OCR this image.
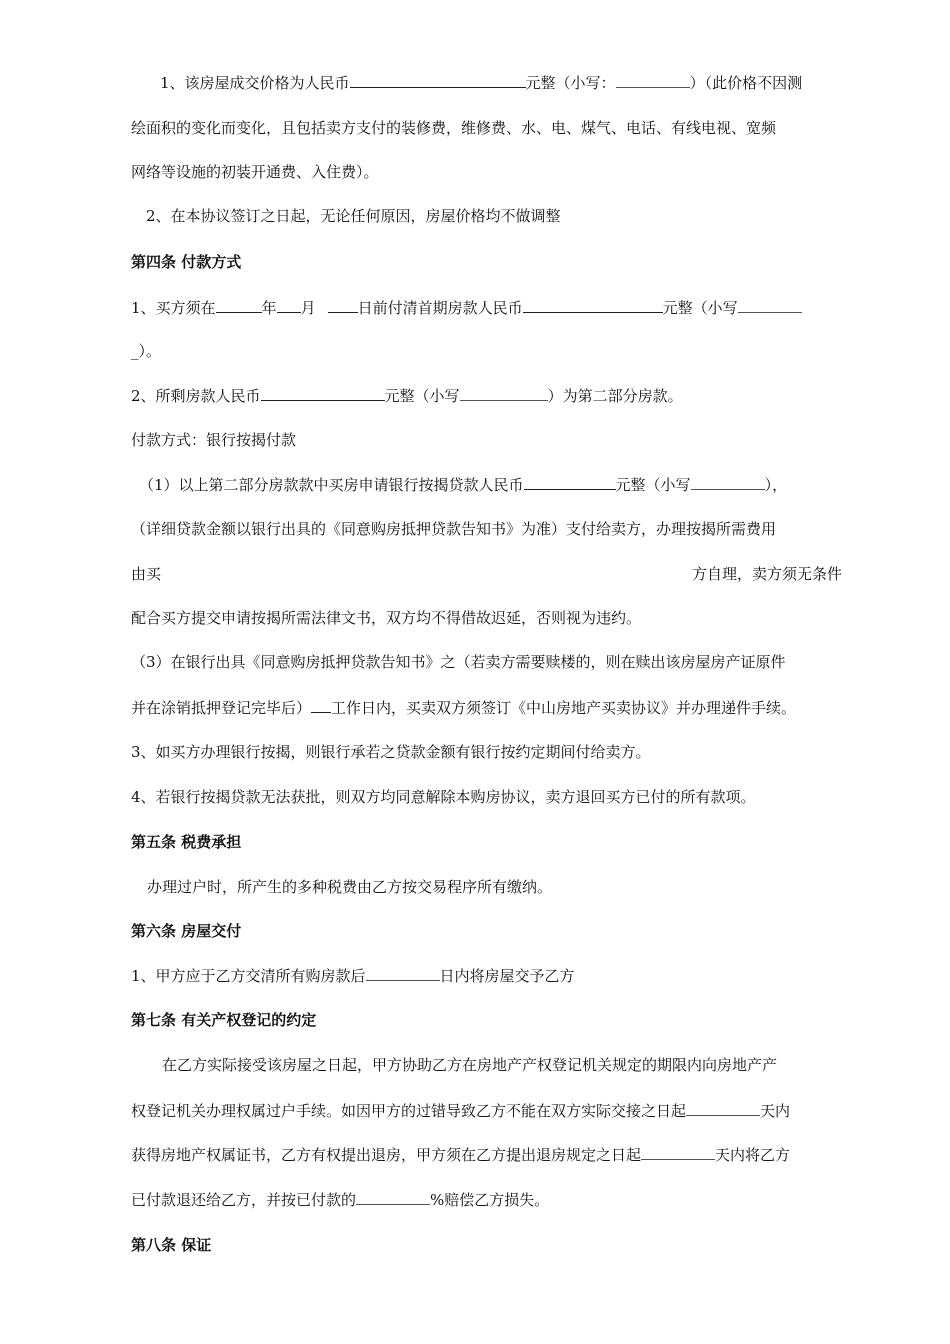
1、该房屋成交价格为人民币	元整（小写：	）（此价格不因测
绘面积的变化而变化，且包括卖方支付的装修费，维修费、水、电、煤气、电话、有线电视、宽频
网络等设施的初装开通费、入住费）。
2、在本协议签订之日起，无论任何原因，房屋价格均不做调整
第四条 付款方式
1、买方须在	年 月	日前付清首期房款人民币	元整（小写
_）。
2、所剩房款人民币	元整（小写	）为第二部分房款。
付款方式：银行按揭付款
（1）以上第二部分房款款中买房申请银行按揭贷款人民币	元整（小写	），
（详细贷款金额以银行出具的《同意购房抵押贷款告知书》为准）支付给卖方，办理按揭所需费用
由买	方自理，卖方须无条件
配合买方提交申请按揭所需法律文书，双方均不得借故迟延，否则视为违约。
（3）在银行出具《同意购房抵押贷款告知书》之（若卖方需要赎楼的，则在赎出该房屋房产证原件
并在涂销抵押登记完毕后） 工作日内，买卖双方须签订《中山房地产买卖协议》并办理递件手续。
3、如买方办理银行按揭，则银行承若之贷款金额有银行按约定期间付给卖方。
4、若银行按揭贷款无法获批，则双方均同意解除本购房协议，卖方退回买方已付的所有款项。
第五条 税费承担
办理过户时，所产生的多种税费由乙方按交易程序所有缴纳。
第六条 房屋交付
1、甲方应于乙方交清所有购房款后	日内将房屋交予乙方
第七条 有关产权登记的约定
在乙方实际接受该房屋之日起，甲方协助乙方在房地产产权登记机关规定的期限内向房地产产
权登记机关办理权属过户手续。如因甲方的过错导致乙方不能在双方实际交接之日起	天内
获得房地产权属证书，乙方有权提出退房，甲方须在乙方提出退房规定之日起	天内将乙方
已付款退还给乙方，并按已付款的	%赔偿乙方损失。
第八条 保证
